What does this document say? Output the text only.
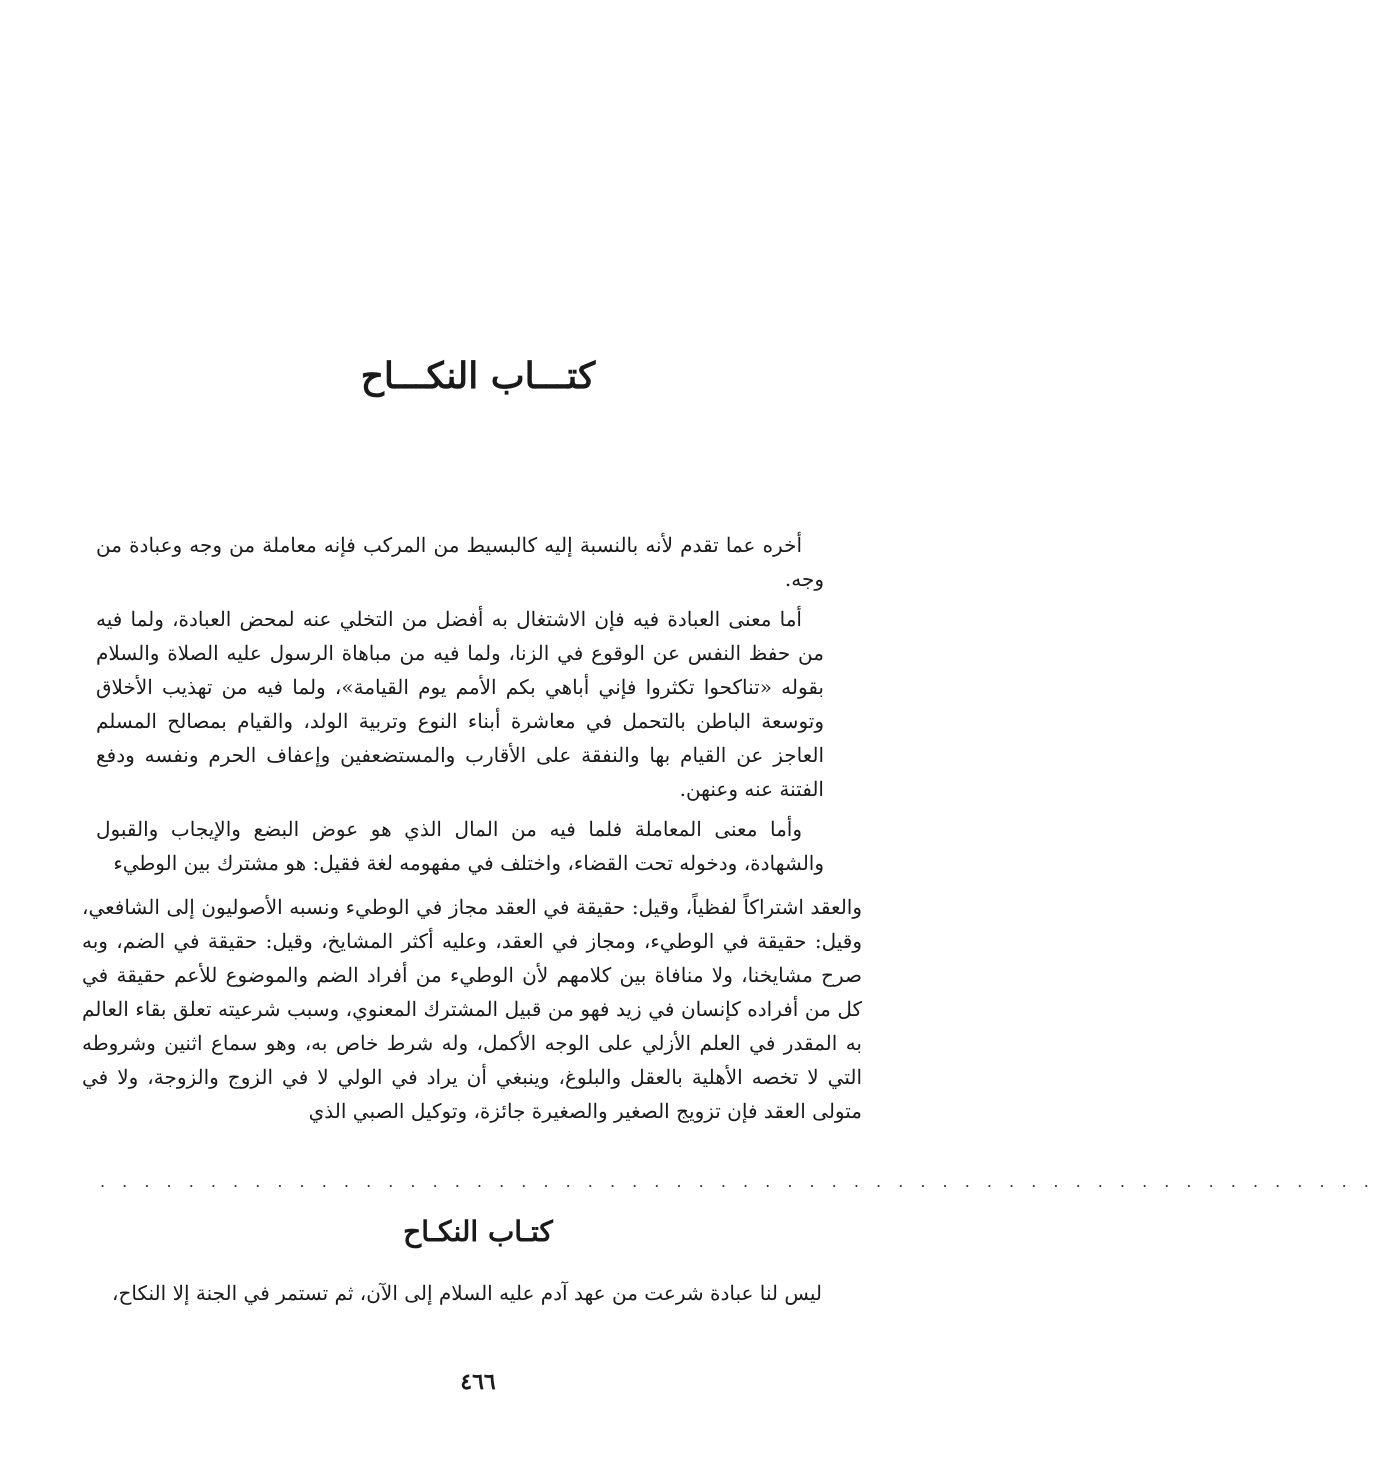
كتـــاب النكـــاح

أخره عما تقدم لأنه بالنسبة إليه كالبسيط من المركب فإنه معاملة من وجه وعبادة من وجه.

أما معنى العبادة فيه فإن الاشتغال به أفضل من التخلي عنه لمحض العبادة، ولما فيه من حفظ النفس عن الوقوع في الزنا، ولما فيه من مباهاة الرسول عليه الصلاة والسلام بقوله «تناكحوا تكثروا فإني أباهي بكم الأمم يوم القيامة»، ولما فيه من تهذيب الأخلاق وتوسعة الباطن بالتحمل في معاشرة أبناء النوع وتربية الولد، والقيام بمصالح المسلم العاجز عن القيام بها والنفقة على الأقارب والمستضعفين وإعفاف الحرم ونفسه ودفع الفتنة عنه وعنهن.

وأما معنى المعاملة فلما فيه من المال الذي هو عوض البضع والإيجاب والقبول والشهادة، ودخوله تحت القضاء، واختلف في مفهومه لغة فقيل: هو مشترك بين الوطيء

والعقد اشتراكاً لفظياً، وقيل: حقيقة في العقد مجاز في الوطيء ونسبه الأصوليون إلى الشافعي، وقيل: حقيقة في الوطيء، ومجاز في العقد، وعليه أكثر المشايخ، وقيل: حقيقة في الضم، وبه صرح مشايخنا، ولا منافاة بين كلامهم لأن الوطيء من أفراد الضم والموضوع للأعم حقيقة في كل من أفراده كإنسان في زيد فهو من قبيل المشترك المعنوي، وسبب شرعيته تعلق بقاء العالم به المقدر في العلم الأزلي على الوجه الأكمل، وله شرط خاص به، وهو سماع اثنين وشروطه التي لا تخصه الأهلية بالعقل والبلوغ، وينبغي أن يراد في الولي لا في الزوج والزوجة، ولا في متولى العقد فإن تزويج الصغير والصغيرة جائزة، وتوكيل الصبي الذي

. . . . . . . . . . . . . . . . . . . . . . . . . . . . . . . . . . . . . . . . . . . . . . . . . . . . . . . . . .
كتـاب النكـاح
ليس لنا عبادة شرعت من عهد آدم عليه السلام إلى الآن، ثم تستمر في الجنة إلا النكاح،
٤٦٦
